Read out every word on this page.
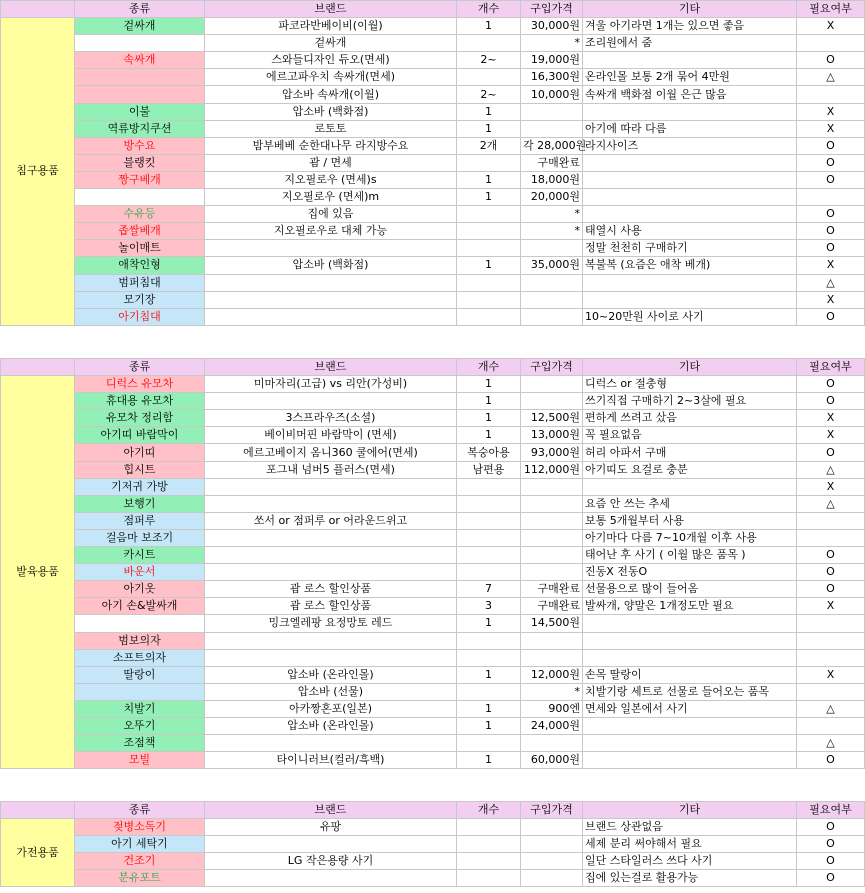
	종류	브랜드	개수	구입가격	기타	필요여부
침구용품	겉싸개	파코라반베이비(이월)	1	30,000원	겨울 아기라면 1개는 있으면 좋음	X
		겉싸개		*	조리원에서 줌	
	속싸개	스와들디자인 듀오(면세)	2~	19,000원		O
		에르고파우치 속싸개(면세)		16,300원	온라인몰 보통 2개 묶어 4만원	△
		압소바 속싸개(이월)	2~	10,000원	속싸개 백화점 이월 은근 많음	
	이불	압소바 (백화점)	1			X
	역류방지쿠션	로토토	1		아기에 따라 다름	X
	방수요	밤부베베 순한대나무 라지방수요	2개	각 28,000원	라지사이즈	O
	블랭킷	괌 / 면세		구매완료		O
	짱구베개	지오필로우 (면세)s	1	18,000원		O
		지오필로우 (면세)m	1	20,000원		
	수유등	집에 있음		*		O
	좁쌀베개	지오필로우로 대체 가능		*	태열시 사용	O
	놀이매트				정말 천천히 구매하기	O
	애착인형	압소바 (백화점)	1	35,000원	복불복 (요즘은 애착 베개)	X
	범퍼침대					△
	모기장					X
	아기침대				10~20만원 사이로 사기	O
	종류	브랜드	개수	구입가격	기타	필요여부
발육용품	디럭스 유모차	미마자리(고급) vs 리안(가성비)	1		디럭스 or 절충형	O
	휴대용 유모차		1		쓰기직접 구매하기 2~3살에 필요	O
	유모차 정리함	3스프라우즈(소셜)	1	12,500원	편하게 쓰려고 샀음	X
	아기띠 바람막이	베이비머핀 바람막이 (면세)	1	13,000원	꼭 필요없음	X
	아기띠	에르고베이지 옴니360 쿨에어(면세)	복숭아용	93,000원	허리 아파서 구매	O
	힙시트	포그내 넘버5 플러스(면세)	남편용	112,000원	아기띠도 요걸로 충분	△
	기저귀 가방					X
	보행기				요즘 안 쓰는 추세	△
	점퍼루	쏘서 or 점퍼루 or 어라운드위고			보통 5개월부터 사용	
	걸음마 보조기				아기마다 다름 7~10개월 이후 사용	
	카시트				태어난 후 사기 ( 이월 많은 품목 )	O
	바운서				진동X 전동O	O
	아기옷	괌 로스 할인상품	7	구매완료	선물용으로 많이 들어옴	O
	아기 손&발싸개	괌 로스 할인상품	3	구매완료	발싸개, 양말은 1개정도만 필요	X
		밍크엘레팡 요정망토 레드	1	14,500원		
	범보의자					
	소프트의자					
	딸랑이	압소바 (온라인몰)	1	12,000원	손목 딸랑이	X
		압소바 (선물)		*	치발기랑 세트로 선물로 들어오는 품목	
	치발기	아카짱혼포(일본)	1	900엔	면세와 일본에서 사기	△
	오뚜기	압소바 (온라인몰)	1	24,000원		
	조점책					△
	모빌	타이니러브(컬러/흑백)	1	60,000원		O
	종류	브랜드	개수	구입가격	기타	필요여부
가전용품	젖병소독기	유팡			브랜드 상관없음	O
	아기 세탁기				세제 분리 써야해서 필요	O
	건조기	LG 작은용량 사기			일단 스타일러스 쓰다 사기	O
	분유포트				집에 있는걸로 활용가능	O
